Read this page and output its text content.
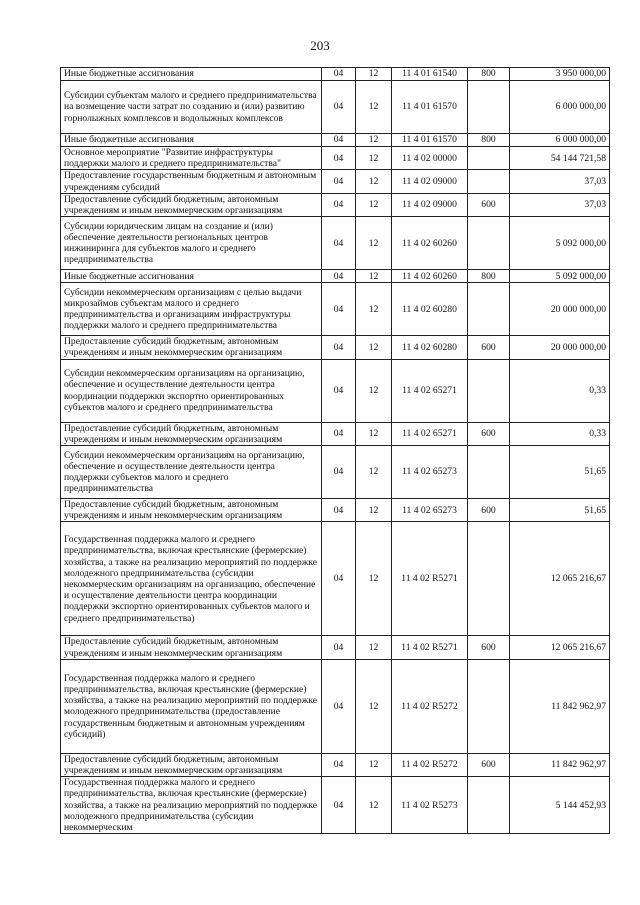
203
Иные бюджетные ассигнования	04	12	11 4 01 61540	800	3 950 000,00
Субсидии субъектам малого и среднего предпринимательства на возмещение части затрат по созданию и (или) развитию горнолыжных комплексов и водолыжных комплексов	04	12	11 4 01 61570		6 000 000,00
Иные бюджетные ассигнования	04	12	11 4 01 61570	800	6 000 000,00
Основное мероприятие "Развитие инфраструктуры поддержки малого и среднего предпринимательства"	04	12	11 4 02 00000		54 144 721,58
Предоставление государственным бюджетным и автономным учреждениям субсидий	04	12	11 4 02 09000		37,03
Предоставление субсидий бюджетным, автономным учреждениям и иным некоммерческим организациям	04	12	11 4 02 09000	600	37,03
Субсидии юридическим лицам на создание и (или) обеспечение деятельности региональных центров инжиниринга для субъектов малого и среднего предпринимательства	04	12	11 4 02 60260		5 092 000,00
Иные бюджетные ассигнования	04	12	11 4 02 60260	800	5 092 000,00
Субсидии некоммерческим организациям с целью выдачи микрозаймов субъектам малого и среднего предпринимательства и организациям инфраструктуры поддержки малого и среднего предпринимательства	04	12	11 4 02 60280		20 000 000,00
Предоставление субсидий бюджетным, автономным учреждениям и иным некоммерческим организациям	04	12	11 4 02 60280	600	20 000 000,00
Субсидии некоммерческим организациям на организацию, обеспечение и осуществление деятельности центра координации поддержки экспортно ориентированных субъектов малого и среднего предпринимательства	04	12	11 4 02 65271		0,33
Предоставление субсидий бюджетным, автономным учреждениям и иным некоммерческим организациям	04	12	11 4 02 65271	600	0,33
Субсидии некоммерческим организациям на организацию, обеспечение и осуществление деятельности центра поддержки субъектов малого и среднего предпринимательства	04	12	11 4 02 65273		51,65
Предоставление субсидий бюджетным, автономным учреждениям и иным некоммерческим организациям	04	12	11 4 02 65273	600	51,65
Государственная поддержка малого и среднего предпринимательства, включая крестьянские (фермерские) хозяйства, а также на реализацию мероприятий по поддержке молодежного предпринимательства (субсидии некоммерческим организациям на организацию, обеспечение и осуществление деятельности центра координации поддержки экспортно ориентированных субъектов малого и среднего предпринимательства)	04	12	11 4 02 R5271		12 065 216,67
Предоставление субсидий бюджетным, автономным учреждениям и иным некоммерческим организациям	04	12	11 4 02 R5271	600	12 065 216,67
Государственная поддержка малого и среднего предпринимательства, включая крестьянские (фермерские) хозяйства, а также на реализацию мероприятий по поддержке молодежного предпринимательства (предоставление государственным бюджетным и автономным учреждениям субсидий)	04	12	11 4 02 R5272		11 842 962,97
Предоставление субсидий бюджетным, автономным учреждениям и иным некоммерческим организациям	04	12	11 4 02 R5272	600	11 842 962,97
Государственная поддержка малого и среднего предпринимательства, включая крестьянские (фермерские) хозяйства, а также на реализацию мероприятий по поддержке молодежного предпринимательства (субсидии некоммерческим	04	12	11 4 02 R5273		5 144 452,93
